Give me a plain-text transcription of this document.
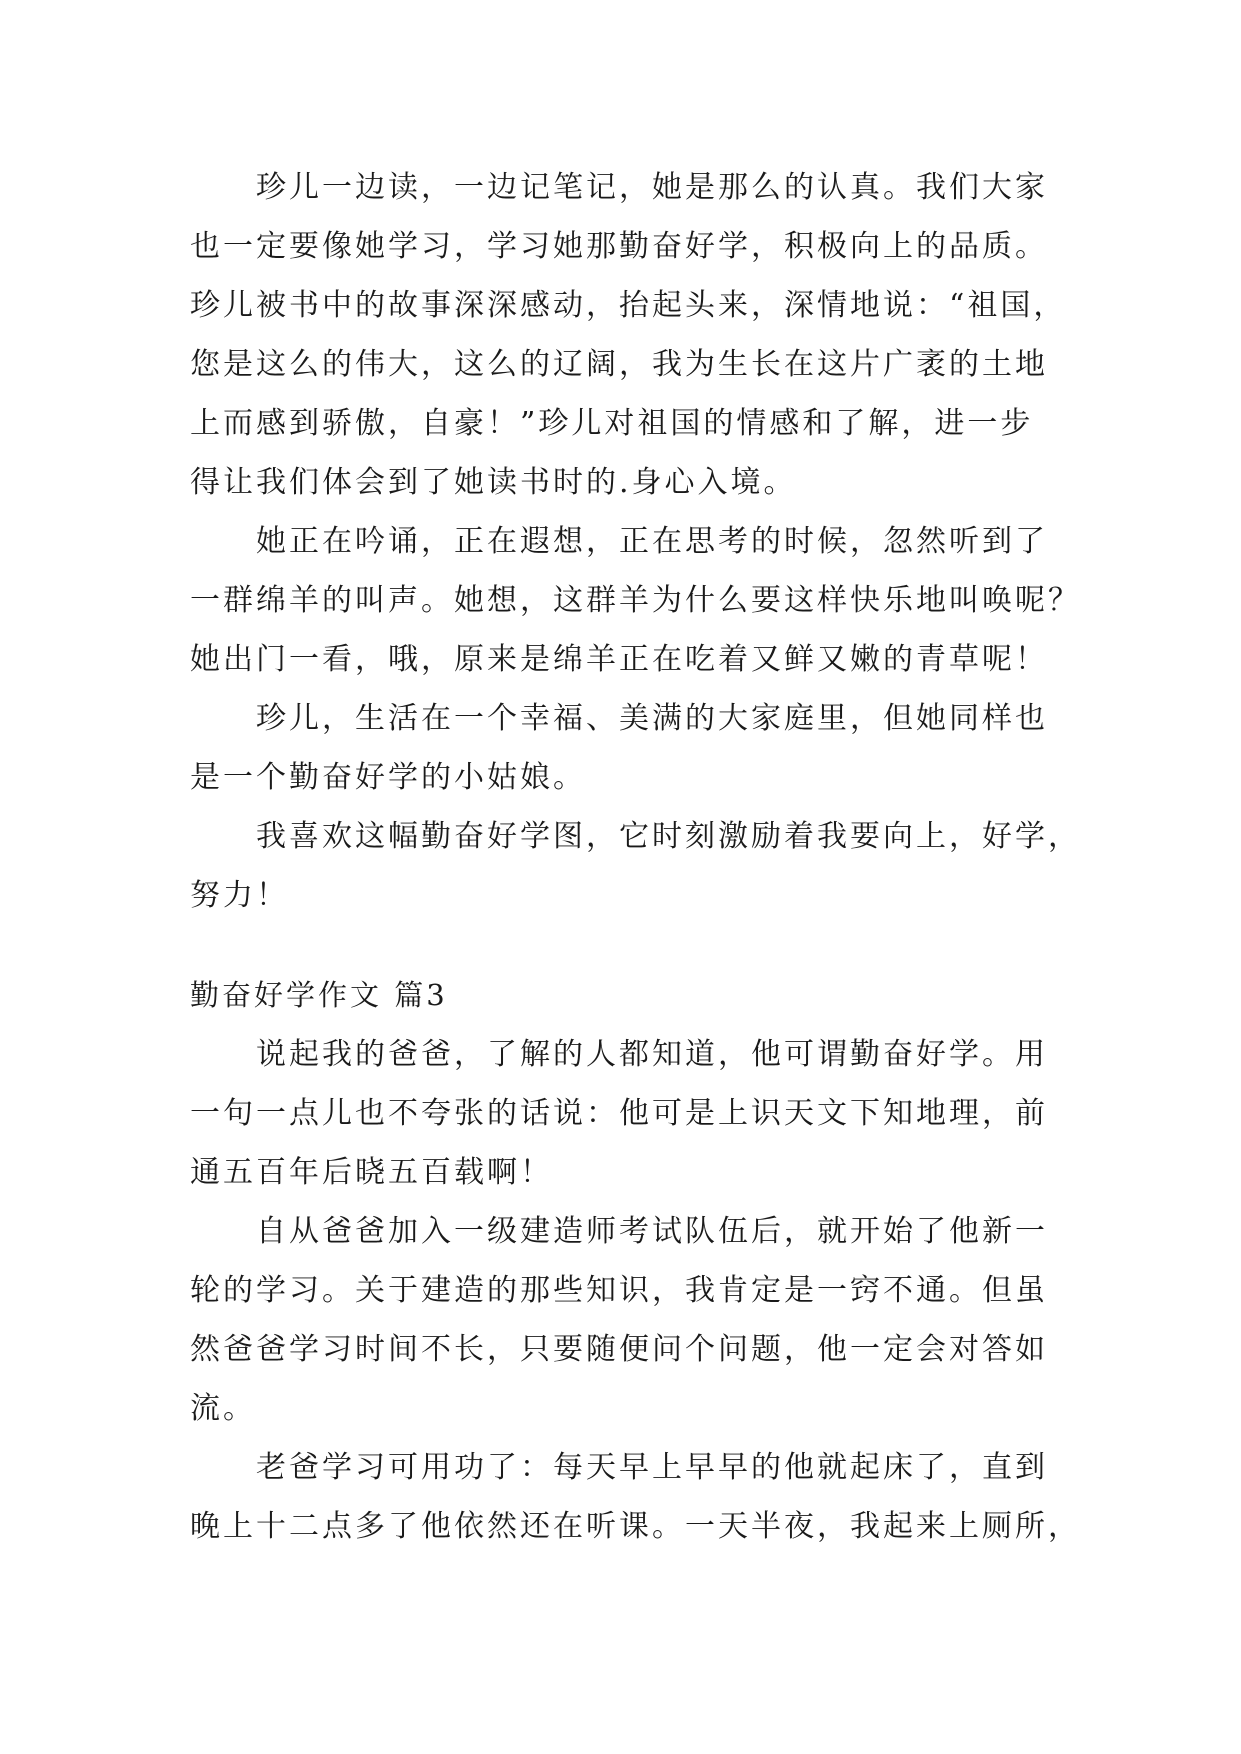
珍儿一边读，一边记笔记，她是那么的认真。我们大家
也一定要像她学习，学习她那勤奋好学，积极向上的品质。
珍儿被书中的故事深深感动，抬起头来，深情地说：“祖国，
您是这么的伟大，这么的辽阔，我为生长在这片广袤的土地
上而感到骄傲，自豪！”珍儿对祖国的情感和了解，进一步
得让我们体会到了她读书时的.身心入境。
她正在吟诵，正在遐想，正在思考的时候，忽然听到了
一群绵羊的叫声。她想，这群羊为什么要这样快乐地叫唤呢？
她出门一看，哦，原来是绵羊正在吃着又鲜又嫩的青草呢！
珍儿，生活在一个幸福、美满的大家庭里，但她同样也
是一个勤奋好学的小姑娘。
我喜欢这幅勤奋好学图，它时刻激励着我要向上，好学，
努力！
勤奋好学作文 篇3
说起我的爸爸，了解的人都知道，他可谓勤奋好学。用
一句一点儿也不夸张的话说：他可是上识天文下知地理，前
通五百年后晓五百载啊！
自从爸爸加入一级建造师考试队伍后，就开始了他新一
轮的学习。关于建造的那些知识，我肯定是一窍不通。但虽
然爸爸学习时间不长，只要随便问个问题，他一定会对答如
流。
老爸学习可用功了：每天早上早早的他就起床了，直到
晚上十二点多了他依然还在听课。一天半夜，我起来上厕所，
